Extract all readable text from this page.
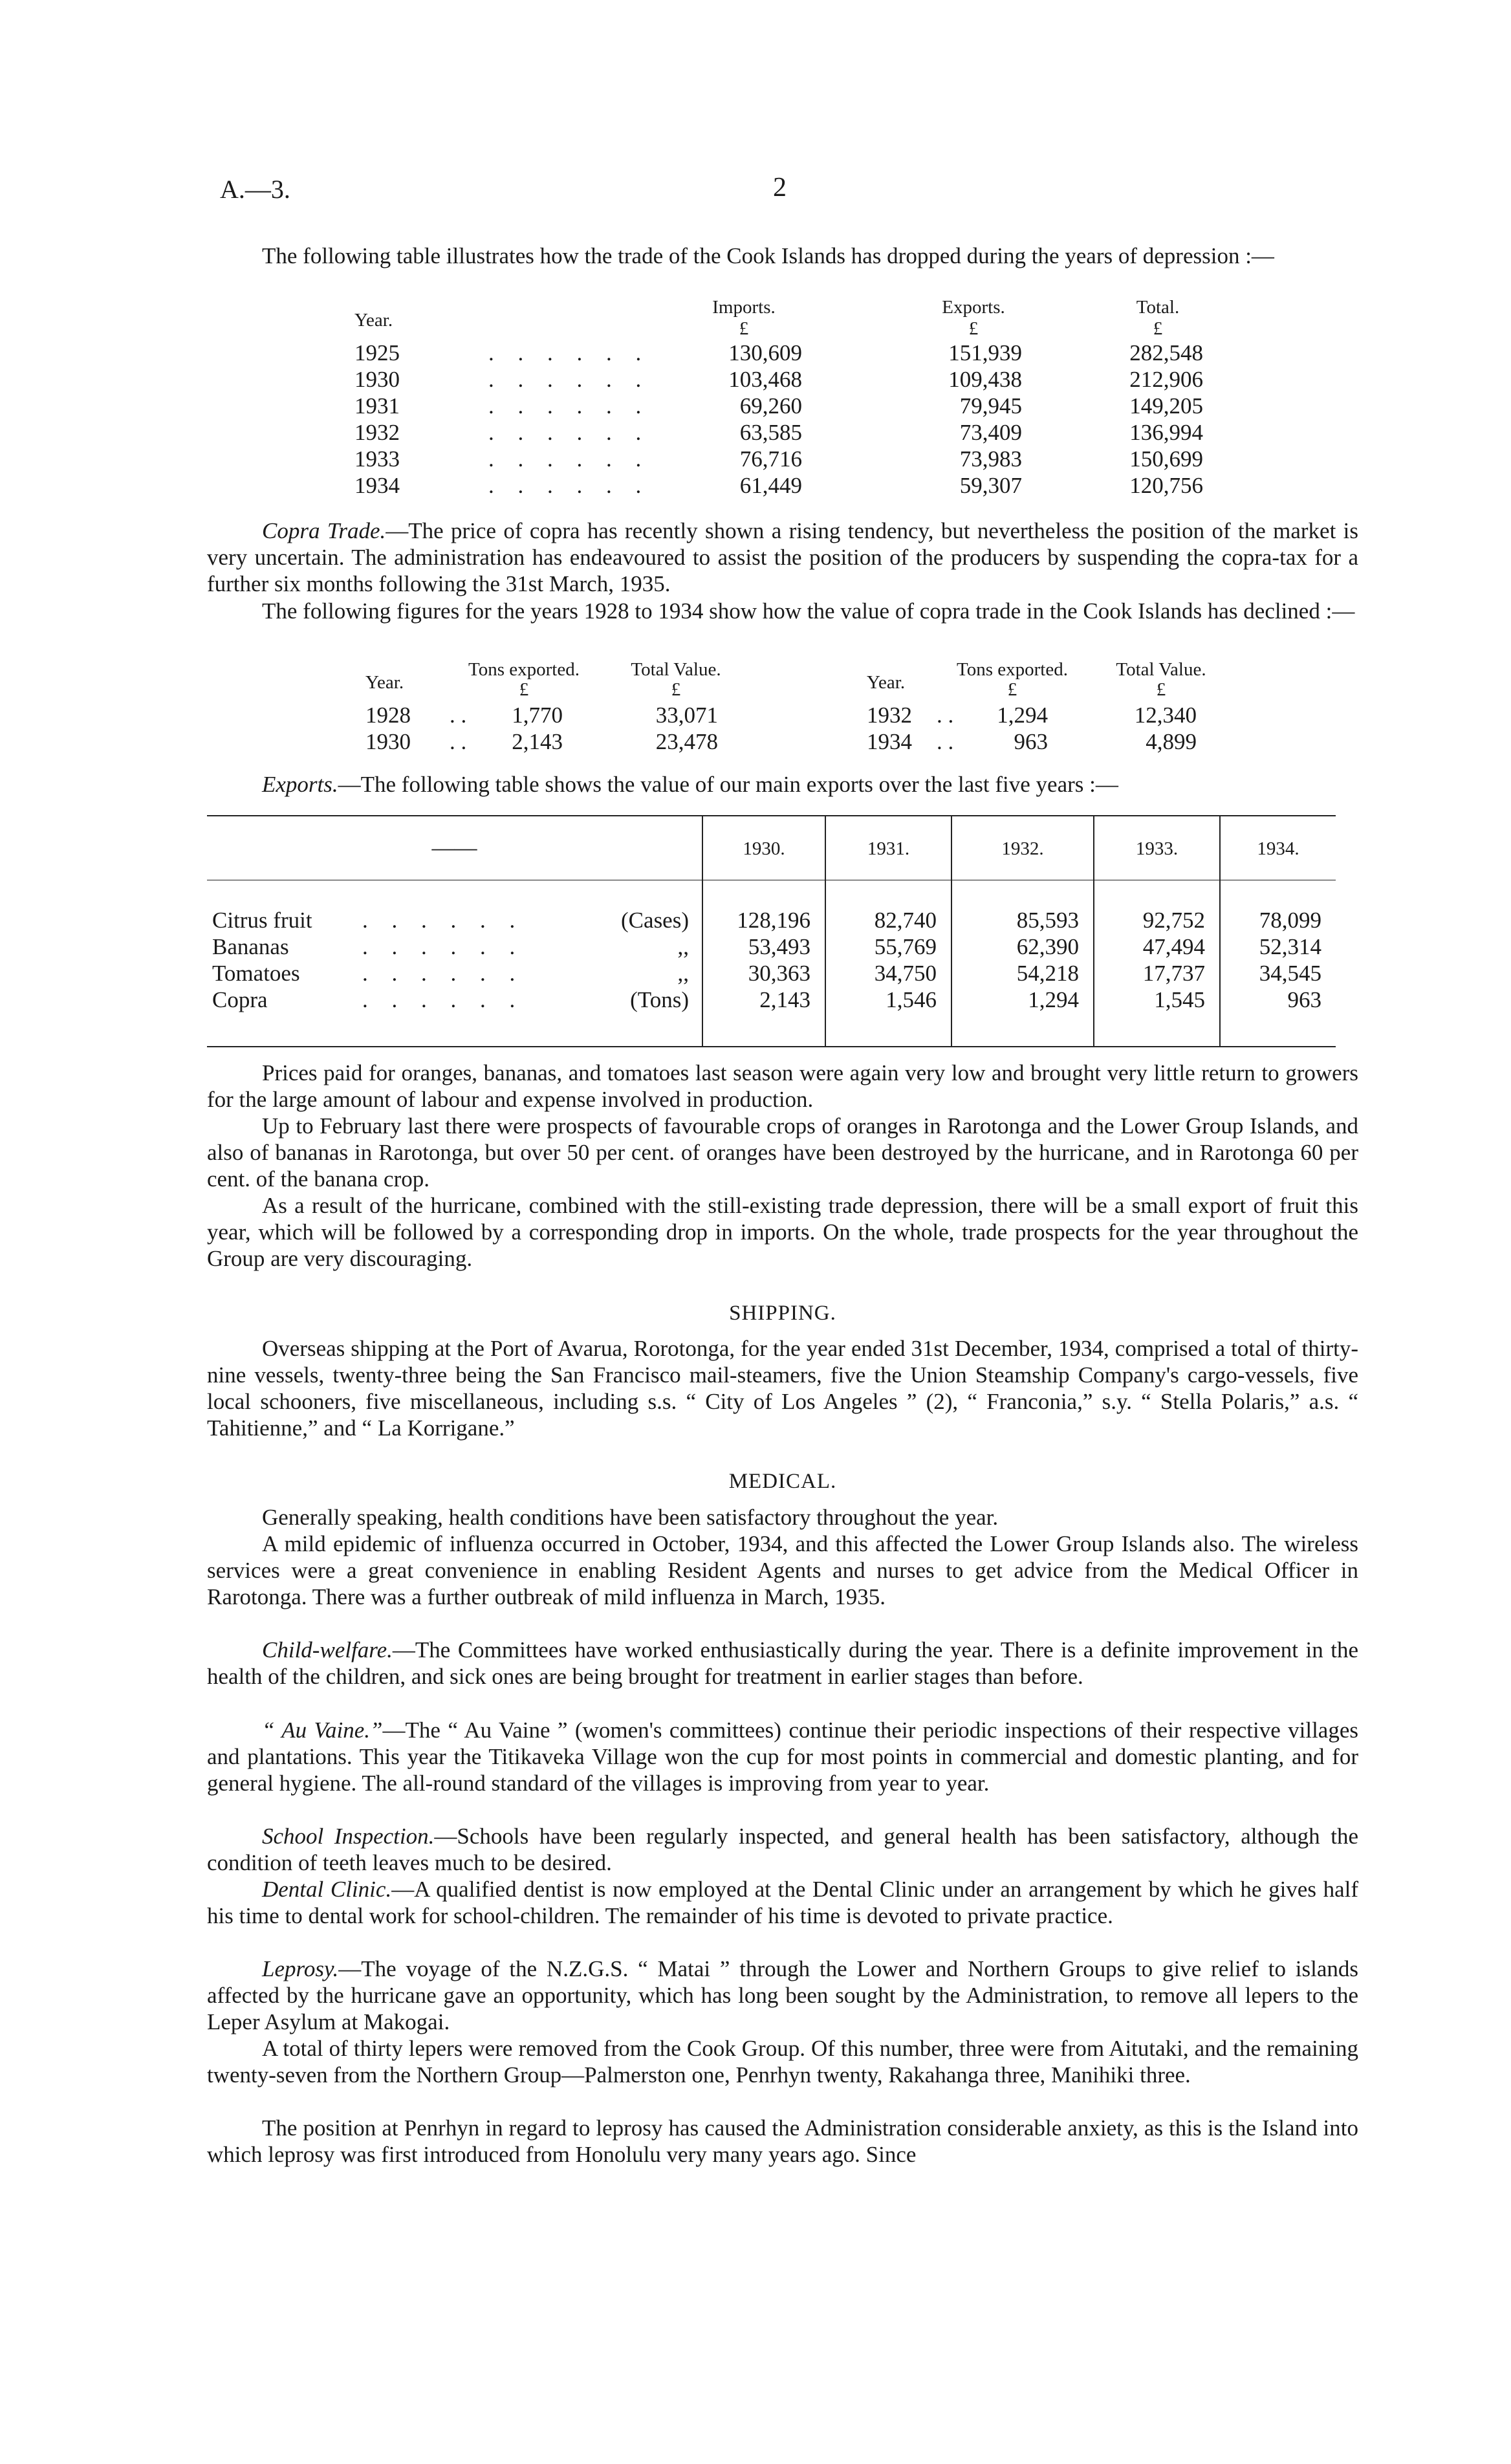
A.—3.	2
The following table illustrates how the trade of the Cook Islands has dropped during the years of depression :—
Year.
Imports.
£
Exports.
£
Total.
£
1925	. . . . . .	130,609	151,939	282,548
1930	. . . . . .	103,468	109,438	212,906
1931	. . . . . .	69,260	79,945	149,205
1932	. . . . . .	63,585	73,409	136,994
1933	. . . . . .	76,716	73,983	150,699
1934	. . . . . .	61,449	59,307	120,756
Copra Trade.—The price of copra has recently shown a rising tendency, but nevertheless the position of the market is very uncertain. The administration has endeavoured to assist the position of the producers by suspending the copra-tax for a further six months following the 31st March, 1935.
The following figures for the years 1928 to 1934 show how the value of copra trade in the Cook Islands has declined :—
Year.
Tons exported.
£
Total Value.
£	Year.
Tons exported.
£
Total Value.
£
1928 . .	1,770	33,071	1932 . .	1,294	12,340
1930 . .	2,143	23,478	1934 . .	963	4,899
Exports.—The following table shows the value of our main exports over the last five years :—
——	1930.	1931.	1932.	1933.	1934.
Citrus fruit . . . . . .	(Cases)	128,196	82,740	85,593	92,752	78,099
Bananas	. . . . . .	,,	53,493	55,769	62,390	47,494	52,314
Tomatoes	. . . . . .	,,	30,363	34,750	54,218	17,737	34,545
Copra	. . . . . .	(Tons)	2,143	1,546	1,294	1,545	963
Prices paid for oranges, bananas, and tomatoes last season were again very low and brought very little return to growers for the large amount of labour and expense involved in production.
Up to February last there were prospects of favourable crops of oranges in Rarotonga and the Lower Group Islands, and also of bananas in Rarotonga, but over 50 per cent. of oranges have been destroyed by the hurricane, and in Rarotonga 60 per cent. of the banana crop.
As a result of the hurricane, combined with the still-existing trade depression, there will be a small export of fruit this year, which will be followed by a corresponding drop in imports. On the whole, trade prospects for the year throughout the Group are very discouraging.
SHIPPING.
Overseas shipping at the Port of Avarua, Rorotonga, for the year ended 31st December, 1934, comprised a total of thirty-nine vessels, twenty-three being the San Francisco mail-steamers, five the Union Steamship Company's cargo-vessels, five local schooners, five miscellaneous, including s.s. “ City of Los Angeles ” (2), “ Franconia,” s.y. “ Stella Polaris,” a.s. “ Tahitienne,” and “ La Korrigane.”
MEDICAL.
Generally speaking, health conditions have been satisfactory throughout the year.
A mild epidemic of influenza occurred in October, 1934, and this affected the Lower Group Islands also. The wireless services were a great convenience in enabling Resident Agents and nurses to get advice from the Medical Officer in Rarotonga. There was a further outbreak of mild influenza in March, 1935.
Child-welfare.—The Committees have worked enthusiastically during the year. There is a definite improvement in the health of the children, and sick ones are being brought for treatment in earlier stages than before.
“ Au Vaine.”—The “ Au Vaine ” (women's committees) continue their periodic inspections of their respective villages and plantations. This year the Titikaveka Village won the cup for most points in commercial and domestic planting, and for general hygiene. The all-round standard of the villages is improving from year to year.
School Inspection.—Schools have been regularly inspected, and general health has been satisfactory, although the condition of teeth leaves much to be desired.
Dental Clinic.—A qualified dentist is now employed at the Dental Clinic under an arrangement by which he gives half his time to dental work for school-children. The remainder of his time is devoted to private practice.
Leprosy.—The voyage of the N.Z.G.S. “ Matai ” through the Lower and Northern Groups to give relief to islands affected by the hurricane gave an opportunity, which has long been sought by the Administration, to remove all lepers to the Leper Asylum at Makogai.
A total of thirty lepers were removed from the Cook Group. Of this number, three were from Aitutaki, and the remaining twenty-seven from the Northern Group—Palmerston one, Penrhyn twenty, Rakahanga three, Manihiki three.
The position at Penrhyn in regard to leprosy has caused the Administration considerable anxiety, as this is the Island into which leprosy was first introduced from Honolulu very many years ago. Since
